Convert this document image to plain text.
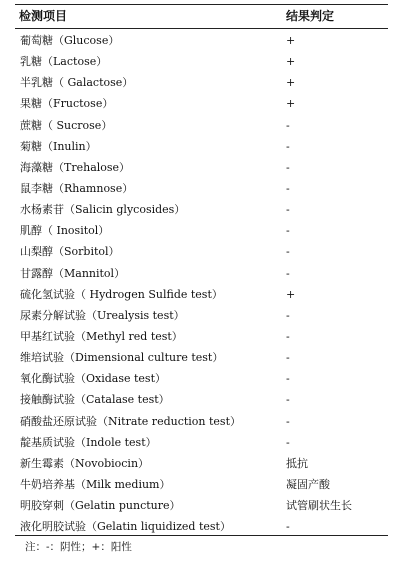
检测项目	结果判定
葡萄糖（Glucose）	+
乳糖（Lactose）	+
半乳糖（ Galactose）	+
果糖（Fructose）	+
蔗糖（ Sucrose）	-
菊糖（Inulin）	-
海藻糖（Trehalose）	-
鼠李糖（Rhamnose）	-
水杨素苷（Salicin glycosides）	-
肌醇（ Inositol）	-
山梨醇（Sorbitol）	-
甘露醇（Mannitol）	-
硫化氢试验（ Hydrogen Sulfide test）	+
尿素分解试验（Urealysis test）	-
甲基红试验（Methyl red test）	-
维培试验（Dimensional culture test）	-
氧化酶试验（Oxidase test）	-
接触酶试验（Catalase test）	-
硝酸盐还原试验（Nitrate reduction test）	-
靛基质试验（Indole test）	-
新生霉素（Novobiocin）	抵抗
牛奶培养基（Milk medium）	凝固产酸
明胶穿刺（Gelatin puncture）	试管刷状生长
液化明胶试验（Gelatin liquidized test）	-
注：-：阴性；+：阳性
